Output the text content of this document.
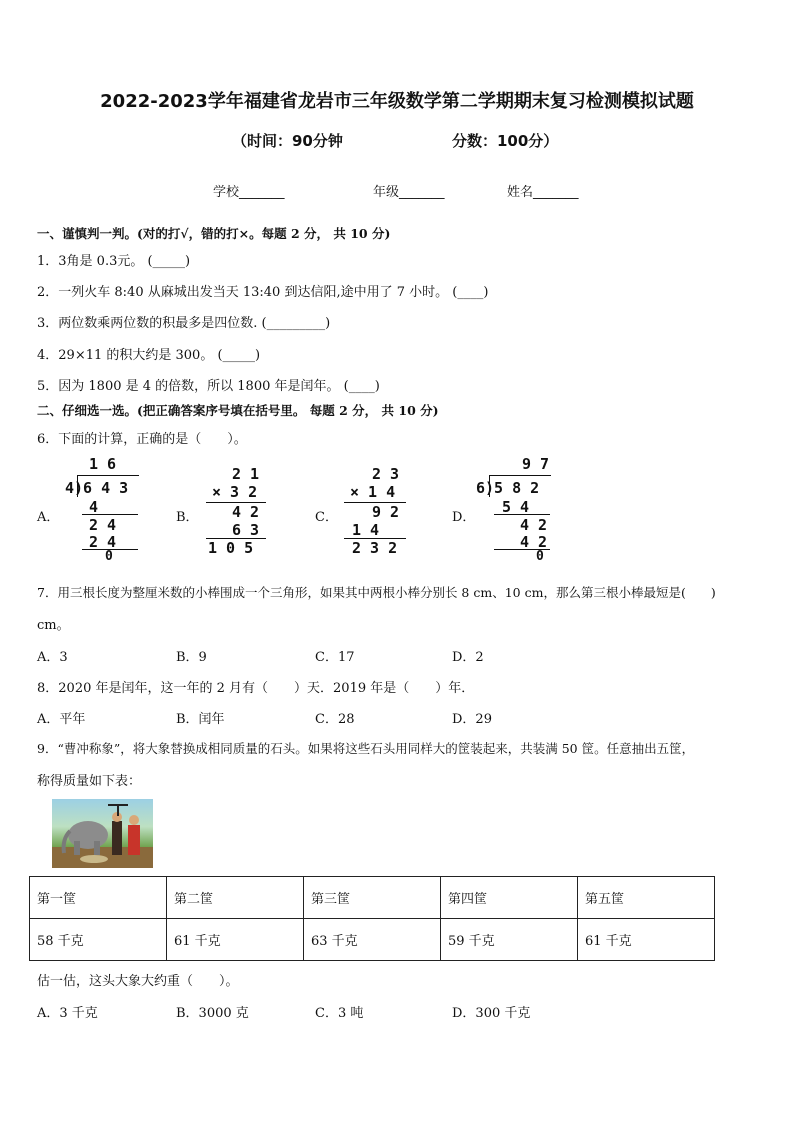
2022-2023学年福建省龙岩市三年级数学第二学期期末复习检测模拟试题
（时间：90分钟	分数：100分）
学校_______	年级_______	姓名_______
一、谨慎判一判。(对的打√，错的打×。每题 2 分， 共 10 分)
1．3角是 0.3元。 (_____)
2．一列火车 8:40 从麻城出发当天 13:40 到达信阳,途中用了 7 小时。 (____)
3．两位数乘两位数的积最多是四位数. (_________)
4．29×11 的积大约是 300。 (_____)
5．因为 1800 是 4 的倍数，所以 1800 年是闰年。 (____)
二、仔细选一选。(把正确答案序号填在括号里。 每题 2 分， 共 10 分)
6．下面的计算，正确的是（　　）。
A．	B．	C．	D．
1 6
4)6 4 3
4
2 4
2 4
0
2 1
× 3 2
4 2
6 3
1 0 5
2 3
× 1 4
9 2
1 4
2 3 2
9 7
6)5 8 2
5 4
4 2
4 2
0
7．用三根长度为整厘米数的小棒围成一个三角形，如果其中两根小棒分别长 8 cm、10 cm，那么第三根小棒最短是(　　)
cm。
A．3	B．9	C．17	D．2
8．2020 年是闰年，这一年的 2 月有（　　）天．2019 年是（　　）年．
A．平年	B．闰年	C．28	D．29
9．“曹冲称象”，将大象替换成相同质量的石头。如果将这些石头用同样大的筐装起来，共装满 50 筐。任意抽出五筐，
称得质量如下表：
第一筐	第二筐	第三筐	第四筐	第五筐
58 千克	61 千克	63 千克	59 千克	61 千克
估一估，这头大象大约重（　　）。
A．3 千克	B．3000 克	C．3 吨	D．300 千克
